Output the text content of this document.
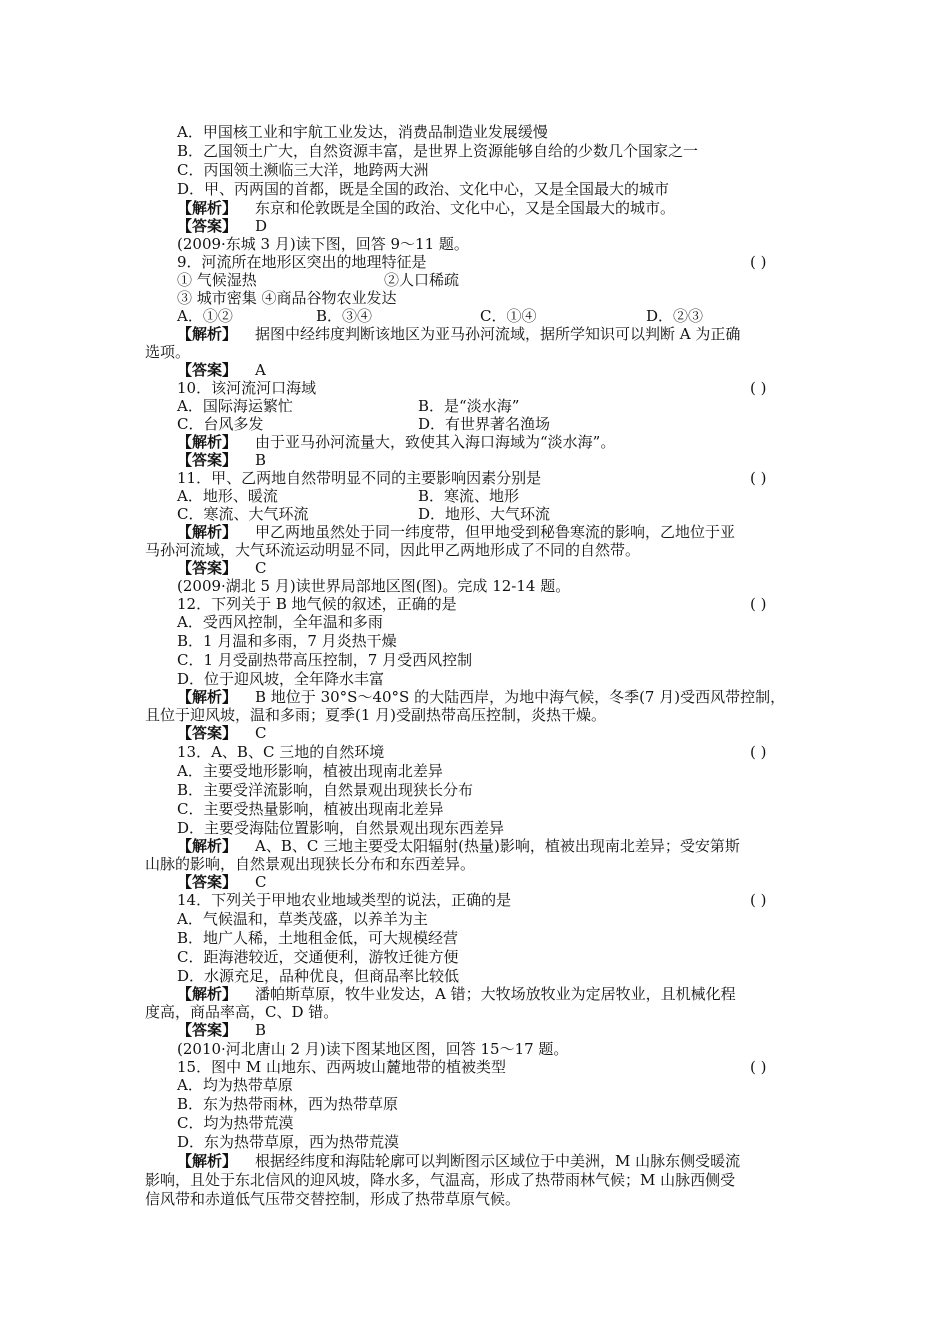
A．甲国核工业和宇航工业发达，消费品制造业发展缓慢
B．乙国领土广大，自然资源丰富，是世界上资源能够自给的少数几个国家之一
C．丙国领土濒临三大洋，地跨两大洲
D．甲、丙两国的首都，既是全国的政治、文化中心，又是全国最大的城市
【解析】 东京和伦敦既是全国的政治、文化中心，又是全国最大的城市。
【答案】 D
(2009·东城 3 月)读下图，回答 9～11 题。
9．河流所在地形区突出的地理特征是	( )
① 气候湿热	②人口稀疏
③ 城市密集 ④商品谷物农业发达
A．①②	B．③④	C．①④	D．②③
【解析】 据图中经纬度判断该地区为亚马孙河流域，据所学知识可以判断 A 为正确
选项。
【答案】 A
10．该河流河口海域	( )
A．国际海运繁忙	B．是“淡水海”
C．台风多发	D．有世界著名渔场
【解析】 由于亚马孙河流量大，致使其入海口海域为“淡水海”。
【答案】 B
11．甲、乙两地自然带明显不同的主要影响因素分别是	( )
A．地形、暖流	B．寒流、地形
C．寒流、大气环流	D．地形、大气环流
【解析】 甲乙两地虽然处于同一纬度带，但甲地受到秘鲁寒流的影响，乙地位于亚
马孙河流域，大气环流运动明显不同，因此甲乙两地形成了不同的自然带。
【答案】 C
(2009·湖北 5 月)读世界局部地区图(图)。完成 12-14 题。
12．下列关于 B 地气候的叙述，正确的是	( )
A．受西风控制，全年温和多雨
B．1 月温和多雨，7 月炎热干燥
C．1 月受副热带高压控制，7 月受西风控制
D．位于迎风坡，全年降水丰富
【解析】 B 地位于 30°S～40°S 的大陆西岸，为地中海气候，冬季(7 月)受西风带控制，
且位于迎风坡，温和多雨；夏季(1 月)受副热带高压控制，炎热干燥。
【答案】 C
13．A、B、C 三地的自然环境	( )
A．主要受地形影响，植被出现南北差异
B．主要受洋流影响，自然景观出现狭长分布
C．主要受热量影响，植被出现南北差异
D．主要受海陆位置影响，自然景观出现东西差异
【解析】 A、B、C 三地主要受太阳辐射(热量)影响，植被出现南北差异；受安第斯
山脉的影响，自然景观出现狭长分布和东西差异。
【答案】 C
14．下列关于甲地农业地域类型的说法，正确的是	( )
A．气候温和，草类茂盛，以养羊为主
B．地广人稀，土地租金低，可大规模经营
C．距海港较近，交通便利，游牧迁徙方便
D．水源充足，品种优良，但商品率比较低
【解析】 潘帕斯草原，牧牛业发达，A 错；大牧场放牧业为定居牧业，且机械化程
度高，商品率高，C、D 错。
【答案】 B
(2010·河北唐山 2 月)读下图某地区图，回答 15～17 题。
15．图中 M 山地东、西两坡山麓地带的植被类型	( )
A．均为热带草原
B．东为热带雨林，西为热带草原
C．均为热带荒漠
D．东为热带草原，西为热带荒漠
【解析】 根据经纬度和海陆轮廓可以判断图示区域位于中美洲，M 山脉东侧受暖流
影响，且处于东北信风的迎风坡，降水多，气温高，形成了热带雨林气候；M 山脉西侧受
信风带和赤道低气压带交替控制，形成了热带草原气候。
